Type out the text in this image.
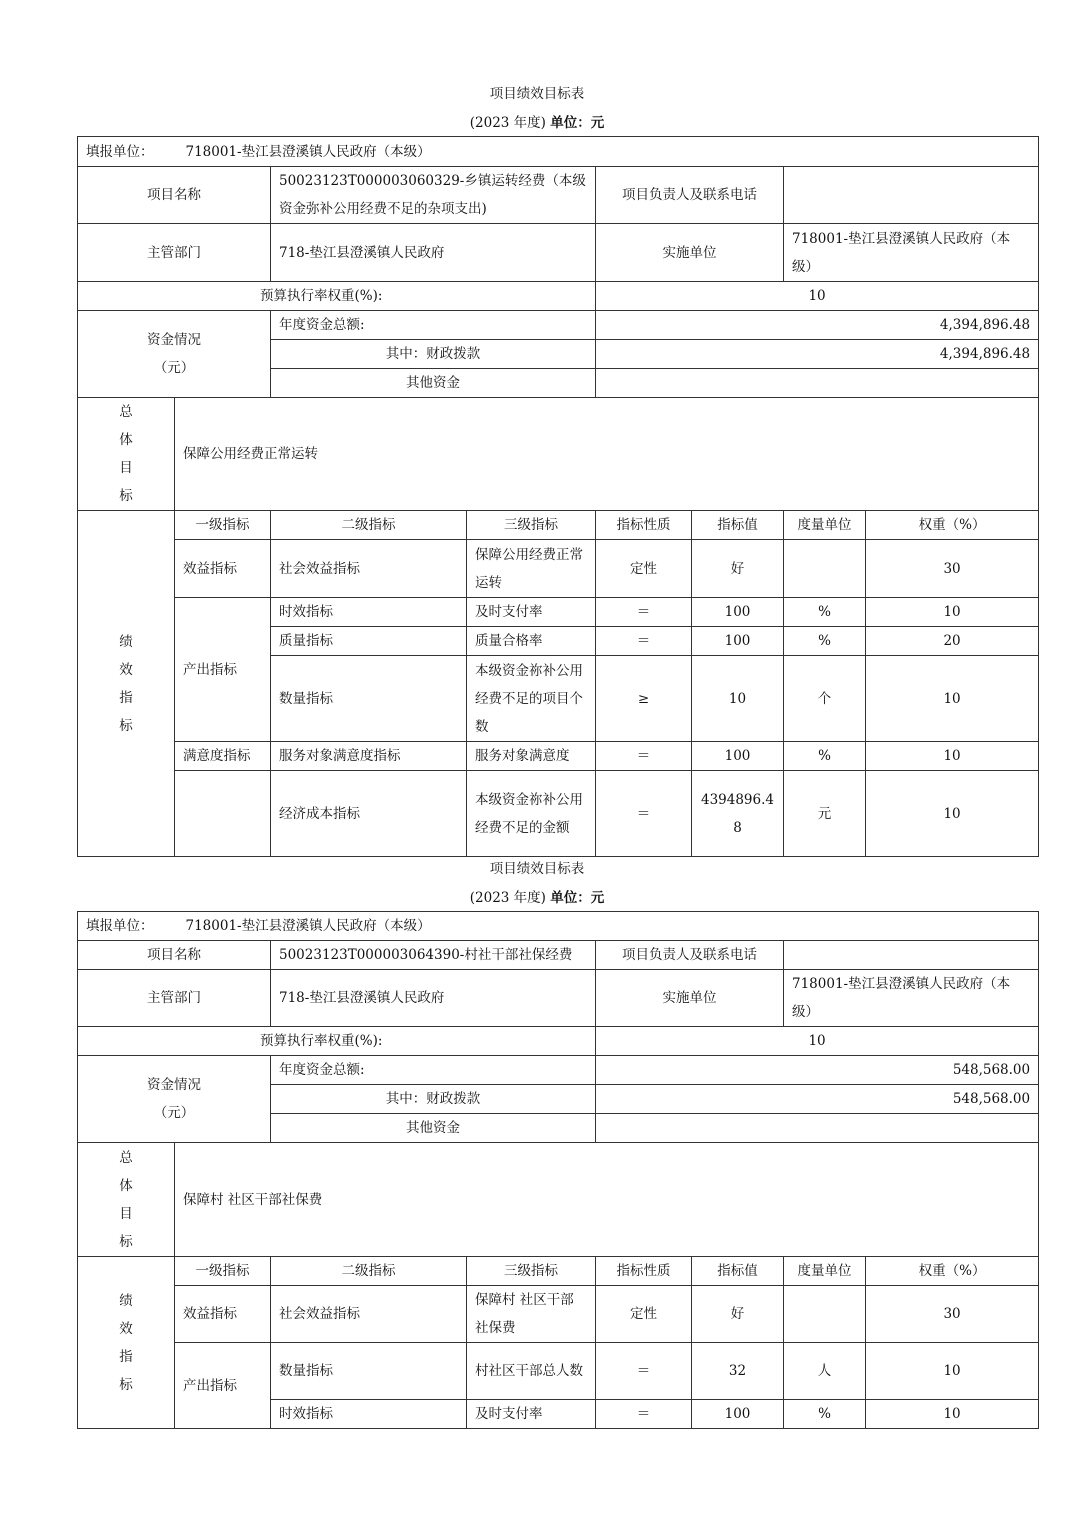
项目绩效目标表
(2023 年度) 单位：元
填报单位： 718001-垫江县澄溪镇人民政府（本级）							
项目名称		50023123T000003060329-乡镇运转经费（本级资金弥补公用经费不足的杂项支出)		项目负责人及联系电话			
主管部门		718-垫江县澄溪镇人民政府		实施单位		718001-垫江县澄溪镇人民政府（本级）	
预算执行率权重(%):				10			
资金情况
（元）		年度资金总额:		4,394,896.48			
		其中：财政拨款		4,394,896.48			
		其他资金					

总
体
目
标	保障公用经费正常运转						

绩
效
指
标	一级指标	二级指标	三级指标	指标性质	指标值	度量单位	权重（%）
	效益指标	社会效益指标	保障公用经费正常运转	定性	好		30
	产出指标	时效指标	及时支付率	＝	100	%	10
		质量指标	质量合格率	＝	100	%	20
		数量指标	本级资金祢补公用经费不足的项目个数	≥	10	个	10
	满意度指标	服务对象满意度指标	服务对象满意度	＝	100	%	10
		经济成本指标	本级资金祢补公用经费不足的金额	＝	4394896.48	元	10
项目绩效目标表
(2023 年度) 单位：元
填报单位： 718001-垫江县澄溪镇人民政府（本级）							
项目名称		50023123T000003064390-村社干部社保经费		项目负责人及联系电话			
主管部门		718-垫江县澄溪镇人民政府		实施单位		718001-垫江县澄溪镇人民政府（本级）	
预算执行率权重(%):				10			
资金情况
（元）		年度资金总额:		548,568.00			
		其中：财政拨款		548,568.00			
		其他资金					

总
体
目
标	保障村 社区干部社保费						

绩
效
指
标	一级指标	二级指标	三级指标	指标性质	指标值	度量单位	权重（%）
	效益指标	社会效益指标	保障村 社区干部社保费	定性	好		30
	产出指标	数量指标	村社区干部总人数	＝	32	人	10
		时效指标	及时支付率	＝	100	%	10
